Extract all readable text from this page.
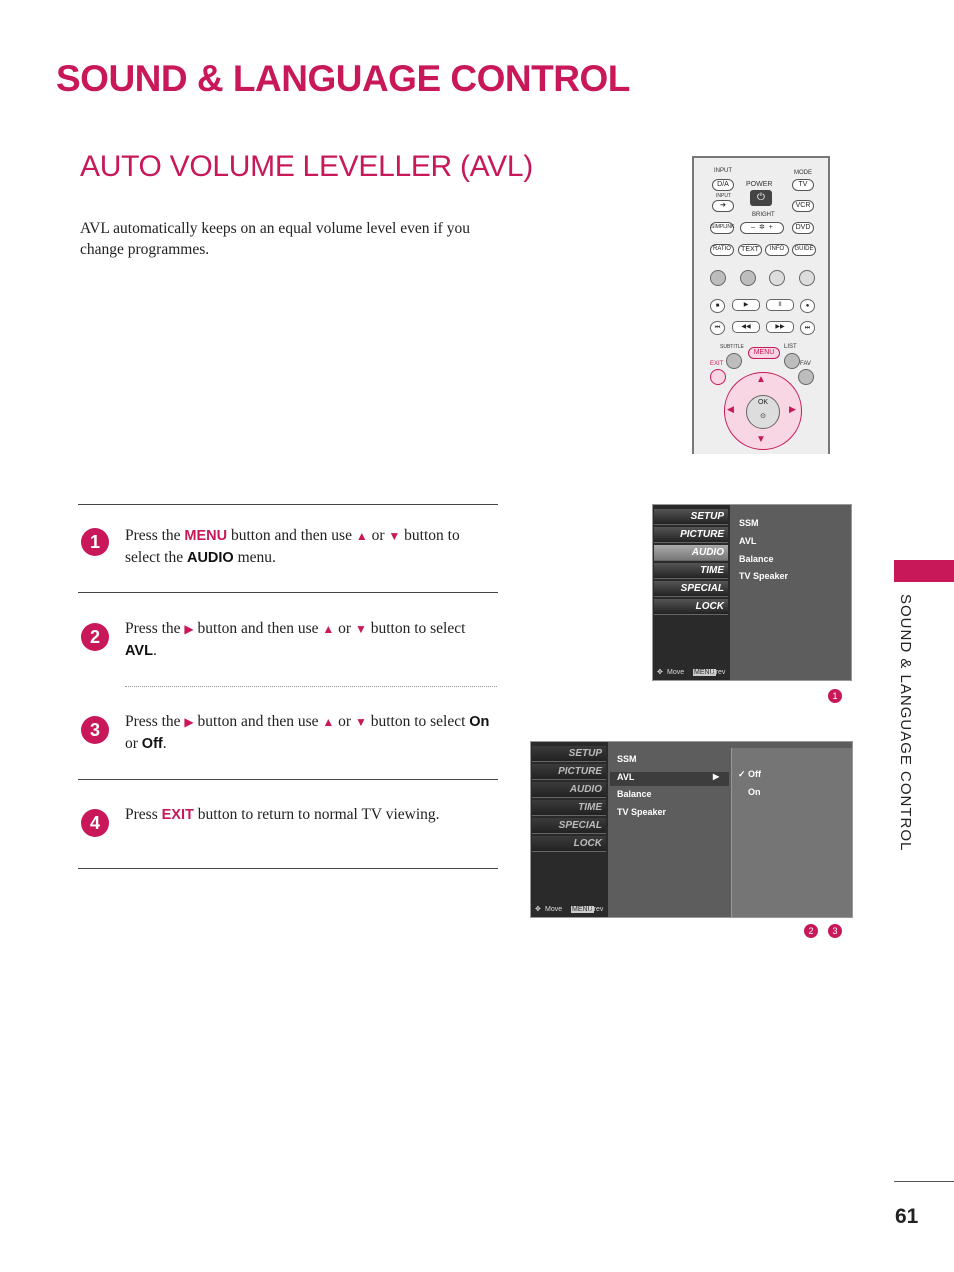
SOUND & LANGUAGE CONTROL
AUTO VOLUME LEVELLER (AVL)
AVL automatically keeps on an equal volume level even if you change programmes.
SOUND & LANGUAGE CONTROL
INPUT	MODE
D/A	TV
POWER
⏻
INPUT
➔	VCR
BRIGHT
SIMPLINK	–  ✲  +	DVD
RATIO	TEXT	INFO	GUIDE
■	▶	II	●
⏮	◀◀	▶▶	⏭
SUBTITLE	LIST
MENU
EXIT	FAV
▲
▼
◀	▶
OK
⊙
1	Press the MENU button and then use ▲ or ▼ button to select the AUDIO menu.
2	Press the ▶ button and then use ▲ or ▼ button to select AVL.
3	Press the ▶ button and then use ▲ or ▼ button to select On or Off.
4	Press EXIT button to return to normal TV viewing.
SETUP
PICTURE
AUDIO
TIME
SPECIAL
LOCK
✥ Move MENU
Prev
SSM
AVL
Balance
TV Speaker
1
SETUP
PICTURE
AUDIO
TIME
SPECIAL
LOCK
✥ Move MENU
Prev
SSM
AVL	▶
Balance
TV Speaker
✓ Off
On
2	3
61
